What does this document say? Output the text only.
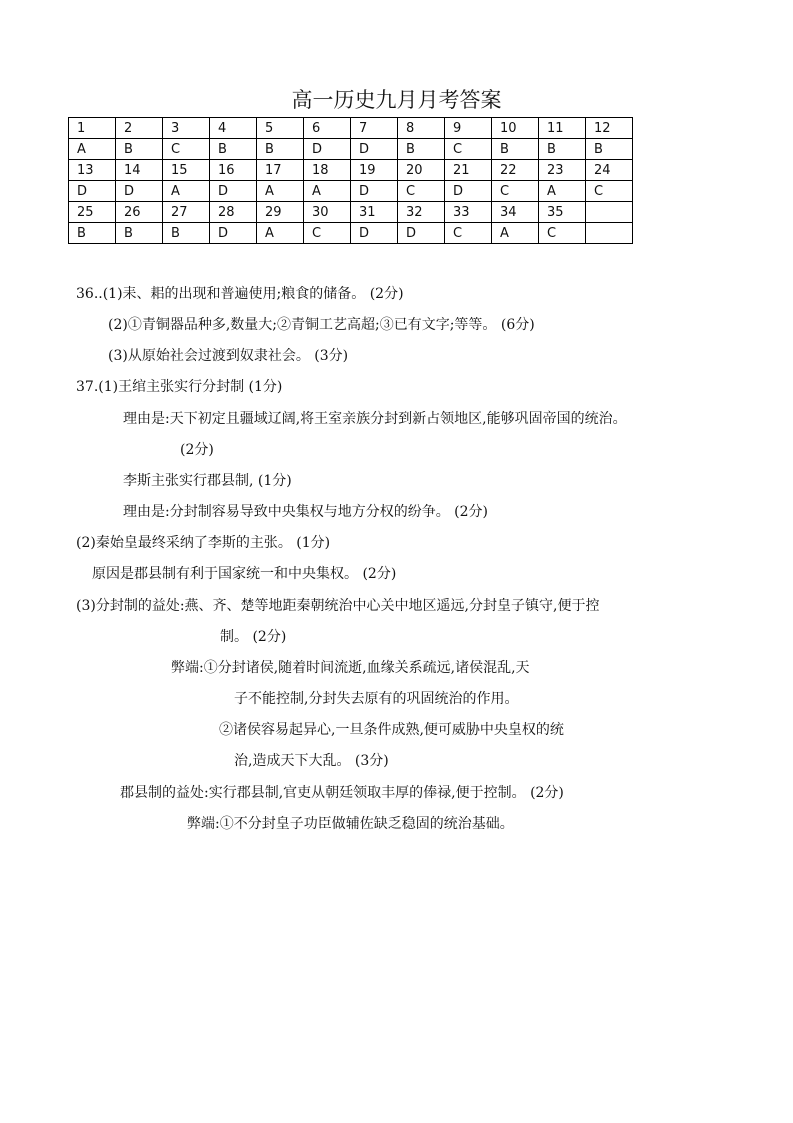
高一历史九月月考答案
1	2	3	4	5	6	7	8	9	10	11	12
A	B	C	B	B	D	D	B	C	B	B	B
13	14	15	16	17	18	19	20	21	22	23	24
D	D	A	D	A	A	D	C	D	C	A	C
25	26	27	28	29	30	31	32	33	34	35	
B	B	B	D	A	C	D	D	C	A	C	
36..(1)耒、耜的出现和普遍使用;粮食的储备。 (2分)
(2)①青铜器品种多,数量大;②青铜工艺高超;③已有文字;等等。 (6分)
(3)从原始社会过渡到奴隶社会。 (3分)
37.(1)王绾主张实行分封制 (1分)
理由是:天下初定且疆域辽阔,将王室亲族分封到新占领地区,能够巩固帝国的统治。
(2分)
李斯主张实行郡县制, (1分)
理由是:分封制容易导致中央集权与地方分权的纷争。 (2分)
(2)秦始皇最终采纳了李斯的主张。 (1分)
原因是郡县制有利于国家统一和中央集权。 (2分)
(3)分封制的益处:燕、齐、楚等地距秦朝统治中心关中地区遥远,分封皇子镇守,便于控
制。 (2分)
弊端:①分封诸侯,随着时间流逝,血缘关系疏远,诸侯混乱,天
子不能控制,分封失去原有的巩固统治的作用。
②诸侯容易起异心,一旦条件成熟,便可威胁中央皇权的统
治,造成天下大乱。 (3分)
郡县制的益处:实行郡县制,官吏从朝廷领取丰厚的俸禄,便于控制。 (2分)
弊端:①不分封皇子功臣做辅佐缺乏稳固的统治基础。
